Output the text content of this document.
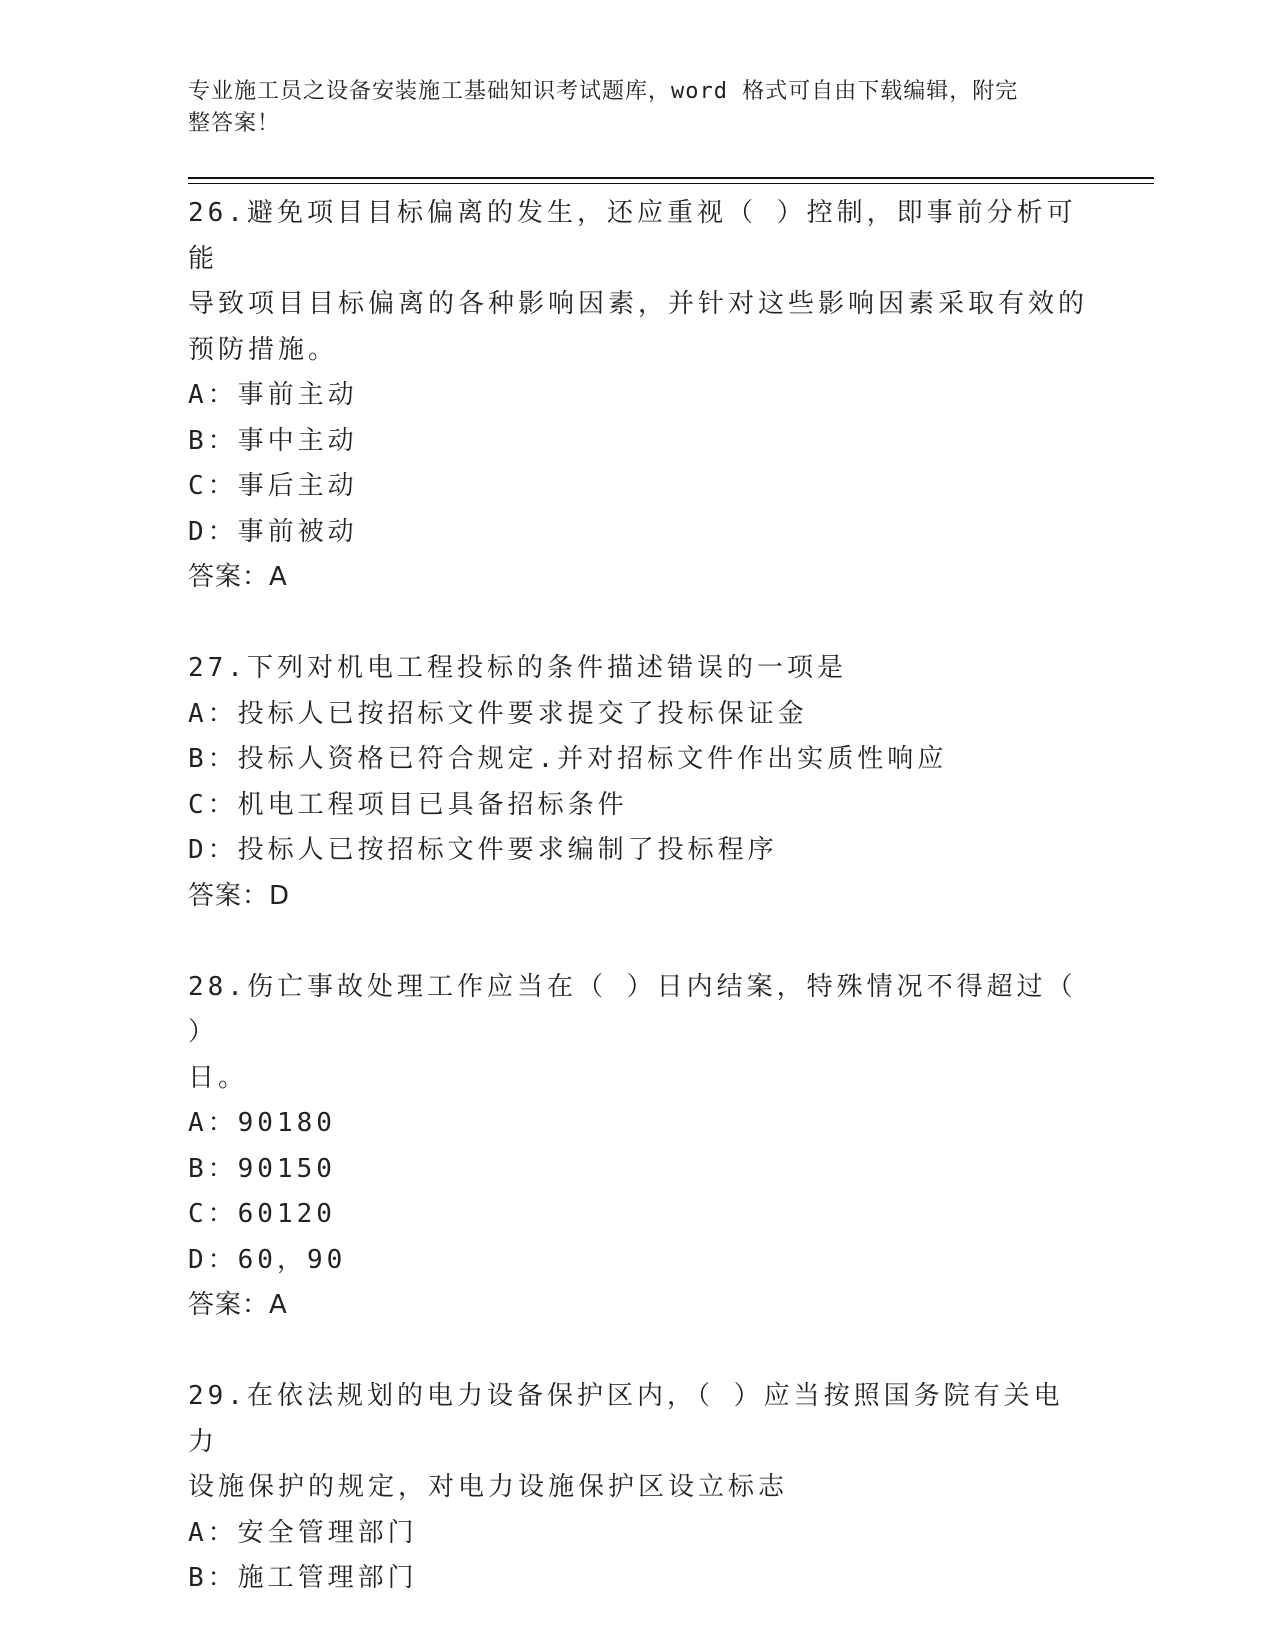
专业施工员之设备安装施工基础知识考试题库，word 格式可自由下载编辑，附完
整答案！

26.避免项目目标偏离的发生，还应重视（ ）控制，即事前分析可能

导致项目目标偏离的各种影响因素，并针对这些影响因素采取有效的

预防措施。

A：事前主动

B：事中主动

C：事后主动

D：事前被动

答案：A

27.下列对机电工程投标的条件描述错误的一项是

A：投标人已按招标文件要求提交了投标保证金

B：投标人资格已符合规定.并对招标文件作出实质性响应

C：机电工程项目已具备招标条件

D：投标人已按招标文件要求编制了投标程序

答案：D

28.伤亡事故处理工作应当在（ ）日内结案，特殊情况不得超过（ ）

日。

A：90180

B：90150

C：60120

D：60，90

答案：A

29.在依法规划的电力设备保护区内，（ ）应当按照国务院有关电力

设施保护的规定，对电力设施保护区设立标志

A：安全管理部门

B：施工管理部门
